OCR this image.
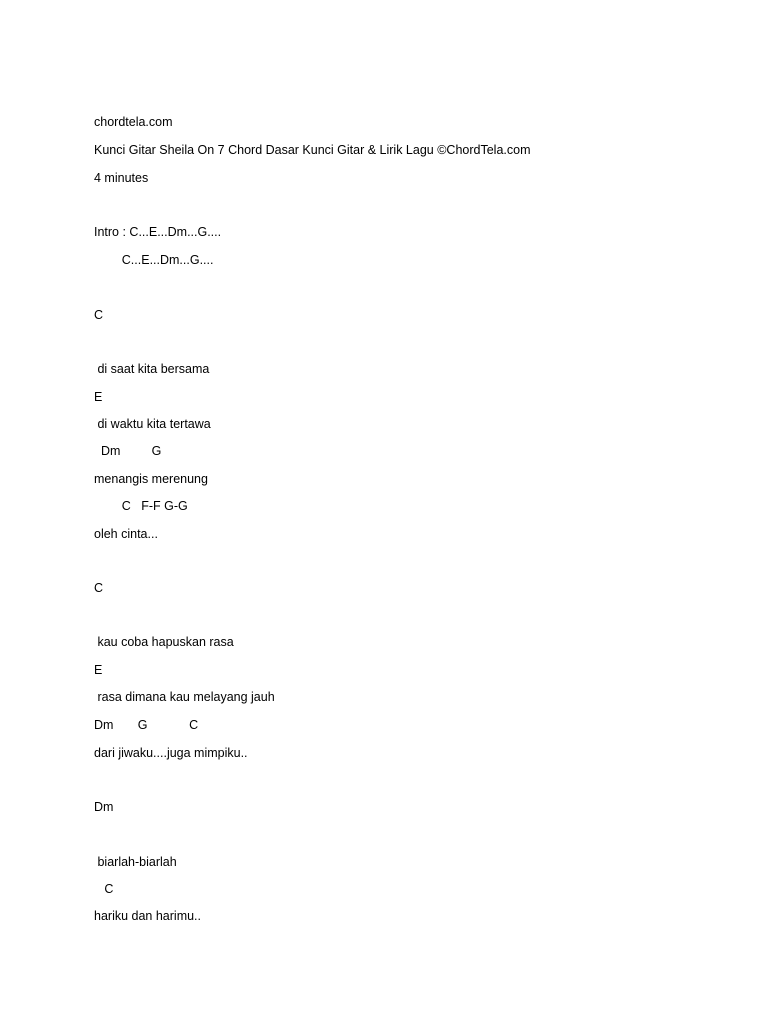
chordtela.com
Kunci Gitar Sheila On 7 Chord Dasar Kunci Gitar & Lirik Lagu ©ChordTela.com
4 minutes
Intro : C...E...Dm...G....
C...E...Dm...G....
C
di saat kita bersama
E
di waktu kita tertawa
Dm         G
menangis merenung
C   F-F G-G
oleh cinta...
C
kau coba hapuskan rasa
E
rasa dimana kau melayang jauh
Dm       G            C
dari jiwaku....juga mimpiku..
Dm
biarlah-biarlah
C
hariku dan harimu..
